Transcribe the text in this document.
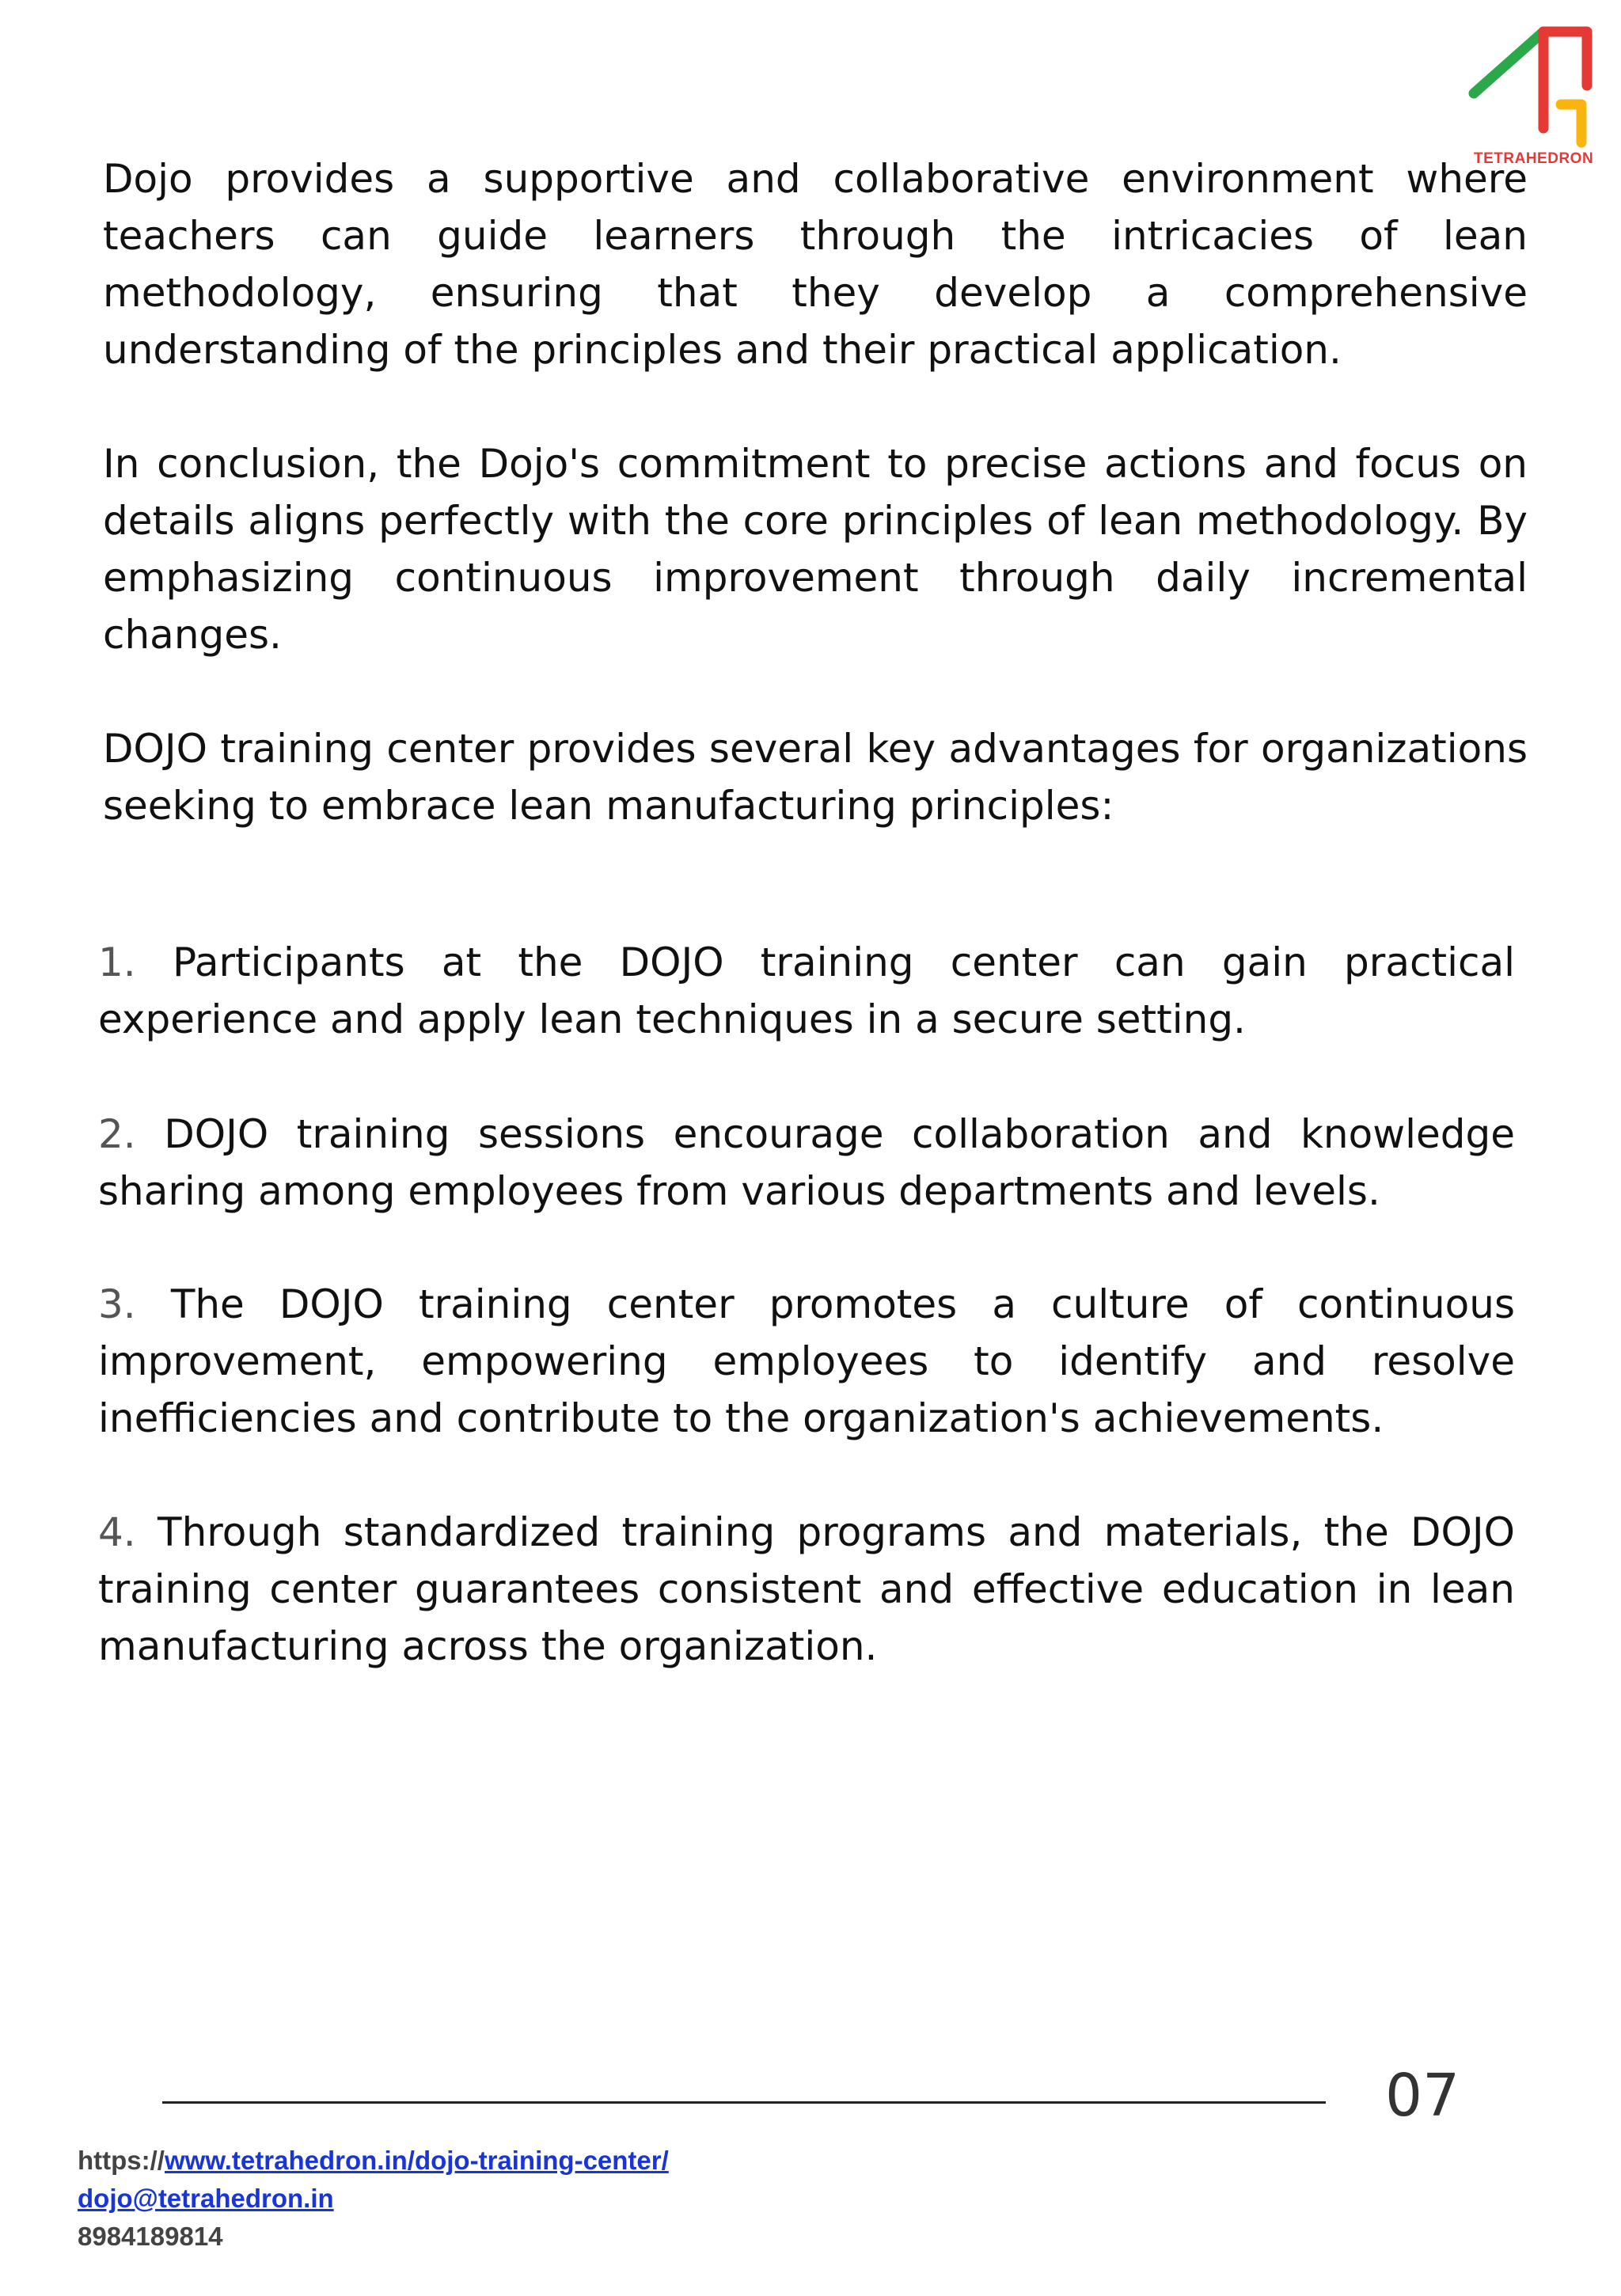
TETRAHEDRON
Dojo provides a supportive and collaborative environment where teachers can guide learners through the intricacies of lean methodology, ensuring that they develop a comprehensive understanding of the principles and their practical application.
In conclusion, the Dojo's commitment to precise actions and focus on details aligns perfectly with the core principles of lean methodology. By emphasizing continuous improvement through daily incremental changes.
DOJO training center provides several key advantages for organizations seeking to embrace lean manufacturing principles:
1. Participants at the DOJO training center can gain practical experience and apply lean techniques in a secure setting.
2. DOJO training sessions encourage collaboration and knowledge sharing among employees from various departments and levels.
3. The DOJO training center promotes a culture of continuous improvement, empowering employees to identify and resolve inefficiencies and contribute to the organization's achievements.
4. Through standardized training programs and materials, the DOJO training center guarantees consistent and effective education in lean manufacturing across the organization.
07
https://www.tetrahedron.in/dojo-training-center/
dojo@tetrahedron.in
8984189814
